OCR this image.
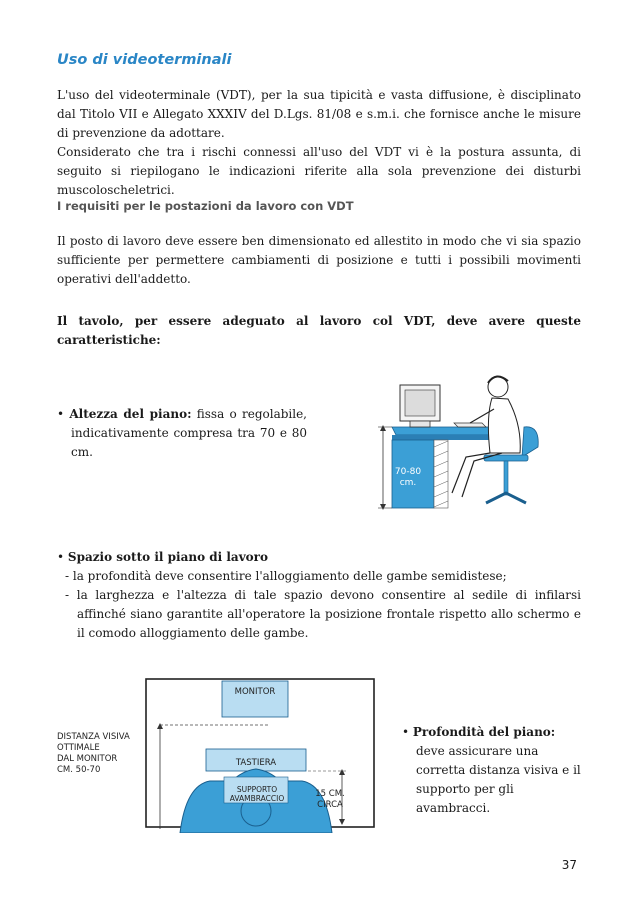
Uso di videoterminali
L'uso del videoterminale (VDT), per la sua tipicità e vasta diffusione, è disciplinato dal Titolo VII e Allegato XXXIV del D.Lgs. 81/08 e s.m.i. che fornisce anche le misure di prevenzione da adottare.
Considerato che tra i rischi connessi all'uso del VDT vi è la postura assunta, di seguito si riepilogano le indicazioni riferite alla sola prevenzione dei disturbi muscoloscheletrici.
I requisiti per le postazioni da lavoro con VDT
Il posto di lavoro deve essere ben dimensionato ed allestito in modo che vi sia spazio sufficiente per permettere cambiamenti di posizione e tutti i possibili movimenti operativi dell'addetto.
Il tavolo, per essere adeguato al lavoro col VDT, deve avere queste caratteristiche:
• Altezza del piano: fissa o regolabile, indicativamente compresa tra 70 e 80 cm.
70-80
cm.
• Spazio sotto il piano di lavoro
- la profondità deve consentire l'alloggiamento delle gambe semidistese;
- la larghezza e l'altezza di tale spazio devono consentire al sedile di infilarsi affinché siano garantite all'operatore la posizione frontale rispetto allo schermo e il comodo alloggiamento delle gambe.
MONITOR
TASTIERA
SUPPORTO
AVAMBRACCIO
DISTANZA VISIVA
OTTIMALE
DAL MONITOR
CM. 50-70
15 CM.
CIRCA
• Profondità del piano:
deve assicurare una corretta distanza visiva e il supporto per gli avambracci.
37
